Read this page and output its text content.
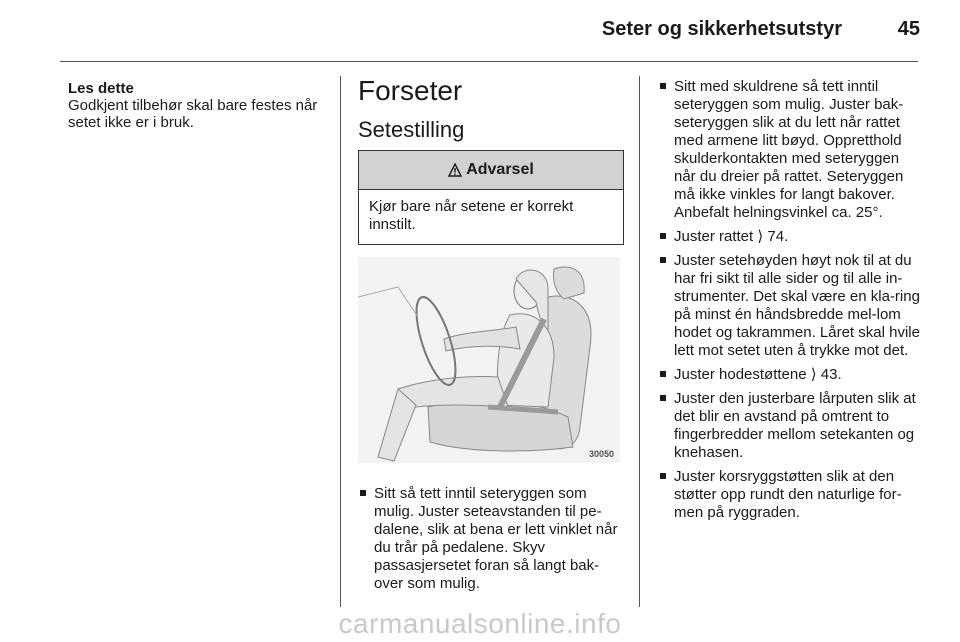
Seter og sikkerhetsutstyr	45
Les dette

Godkjent tilbehør skal bare festes når setet ikke er i bruk.

Forseter
Setestilling
Advarsel

Kjør bare når setene er korrekt innstilt.

30050
Sitt så tett inntil seteryggen som mulig. Juster seteavstanden til pe-dalene, slik at bena er lett vinklet når du trår på pedalene. Skyv passasjersetet foran så langt bak-over som mulig.
Sitt med skuldrene så tett inntil seteryggen som mulig. Juster bak-seteryggen slik at du lett når rattet med armene litt bøyd. Oppretthold skulderkontakten med seteryggen når du dreier på rattet. Seteryggen må ikke vinkles for langt bakover. Anbefalt helningsvinkel ca. 25°.
Juster rattet ⟩ 74.
Juster setehøyden høyt nok til at du har fri sikt til alle sider og til alle in-strumenter. Det skal være en kla-ring på minst én håndsbredde mel-lom hodet og takrammen. Låret skal hvile lett mot setet uten å trykke mot det.
Juster hodestøttene ⟩ 43.
Juster den justerbare lårputen slik at det blir en avstand på omtrent to fingerbredder mellom setekanten og knehasen.
Juster korsryggstøtten slik at den støtter opp rundt den naturlige for-men på ryggraden.
carmanualsonline.info
